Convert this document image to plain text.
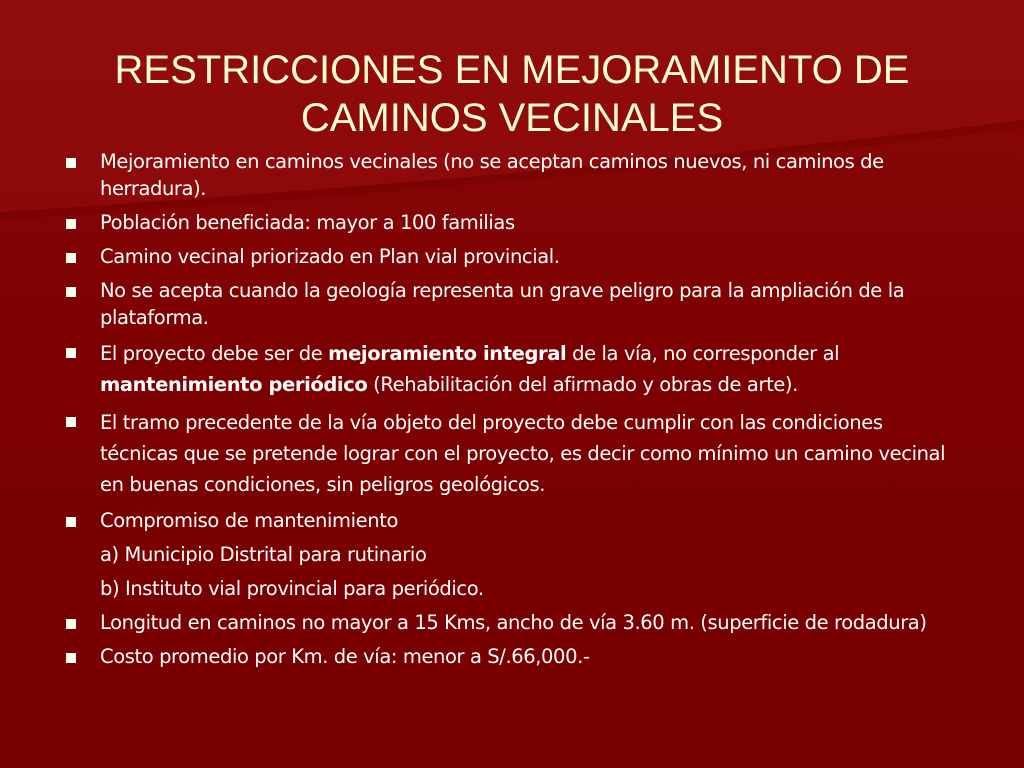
RESTRICCIONES EN MEJORAMIENTO DE
CAMINOS VECINALES
Mejoramiento en caminos vecinales (no se aceptan caminos nuevos, ni caminos de herradura).
Población beneficiada: mayor a 100 familias
Camino vecinal priorizado en Plan vial provincial.
No se acepta cuando la geología representa un grave peligro para la ampliación de la plataforma.
El proyecto debe ser de mejoramiento integral de la vía, no corresponder al mantenimiento periódico (Rehabilitación del afirmado y obras de arte).
El tramo precedente de la vía objeto del proyecto debe cumplir con las condiciones técnicas que se pretende lograr con el proyecto, es decir como mínimo un camino vecinal en buenas condiciones, sin peligros geológicos.
Compromiso de mantenimiento
a) Municipio Distrital para rutinario
b) Instituto vial provincial para periódico.
Longitud en caminos no mayor a 15 Kms, ancho de vía 3.60 m. (superficie de rodadura)
Costo promedio por Km. de vía: menor a S/.66,000.-
